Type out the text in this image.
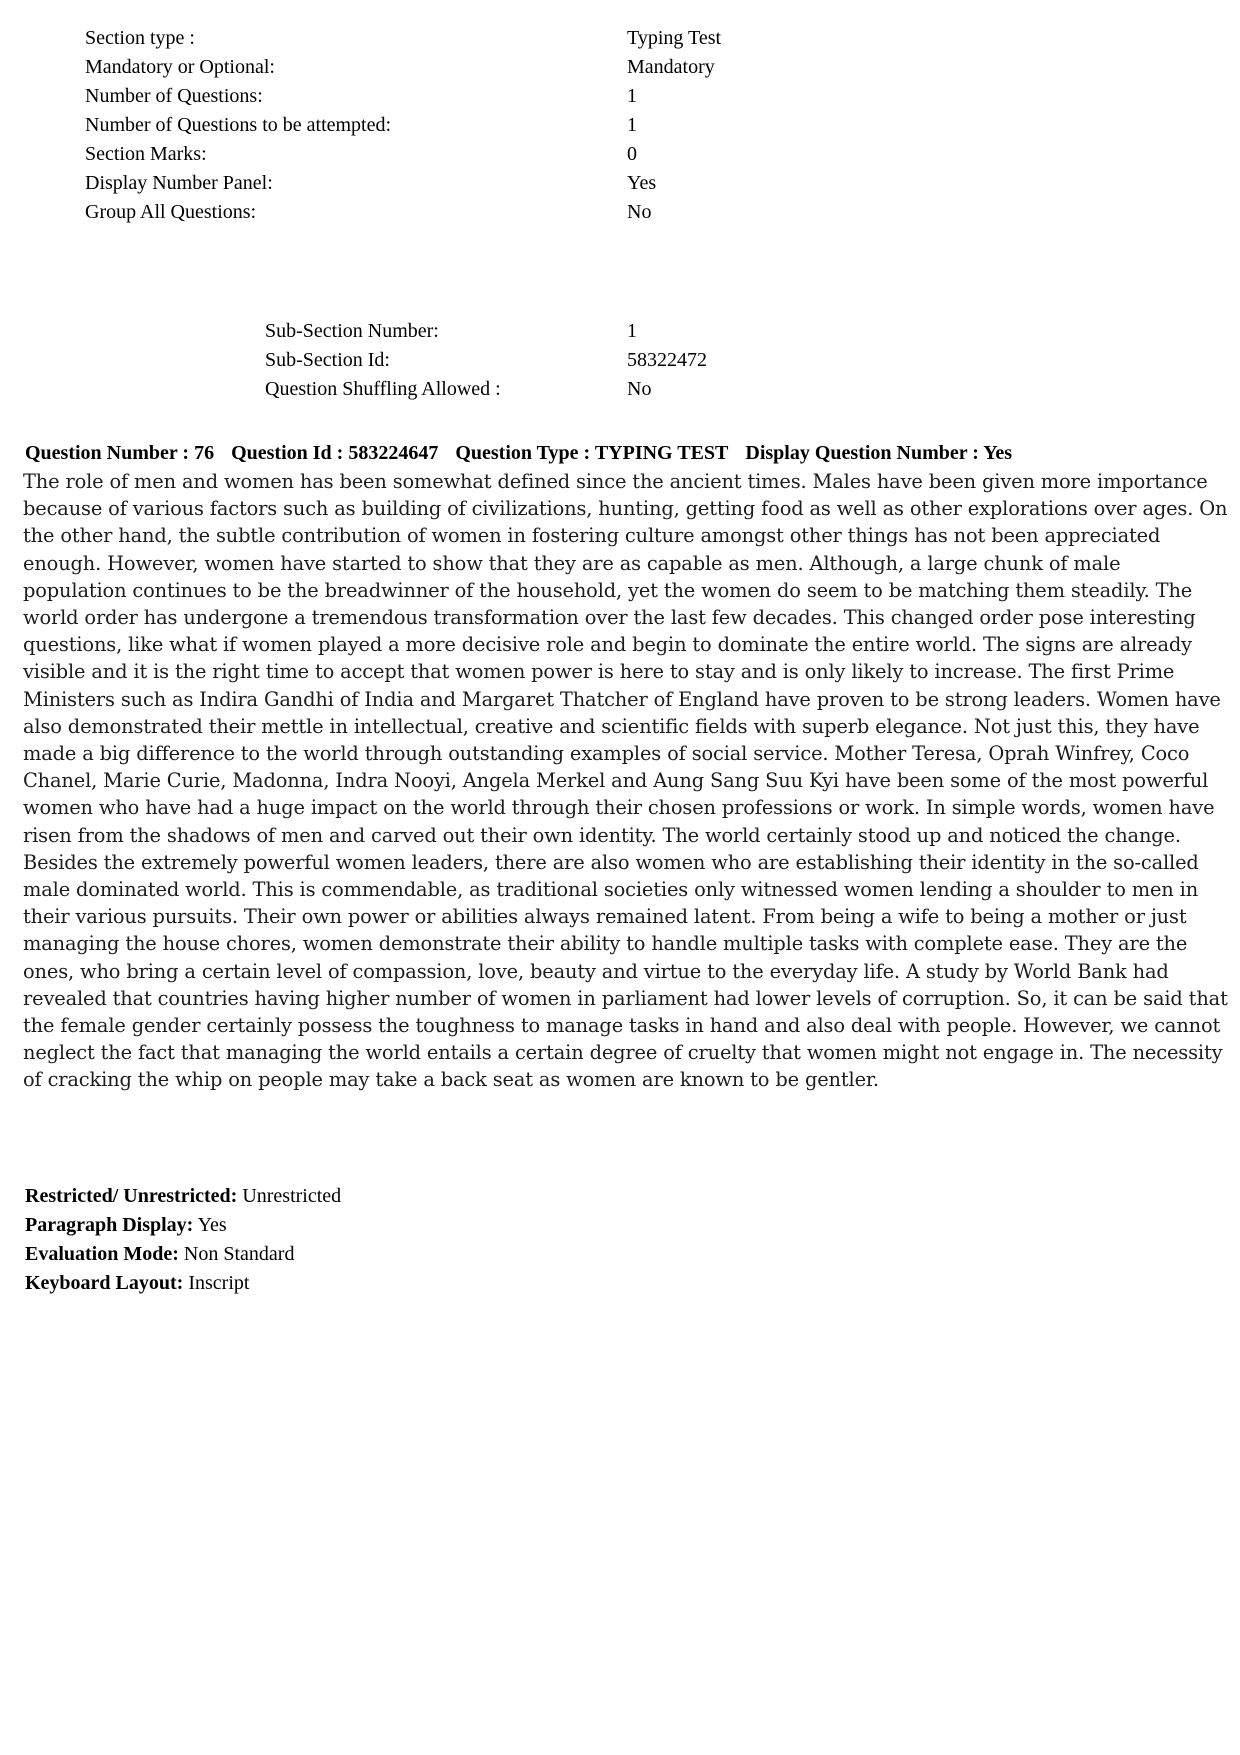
Section type :	Typing Test
Mandatory or Optional:	Mandatory
Number of Questions:	1
Number of Questions to be attempted:	1
Section Marks:	0
Display Number Panel:	Yes
Group All Questions:	No
Sub-Section Number:	1
Sub-Section Id:	58322472
Question Shuffling Allowed :	No
Question Number : 76 Question Id : 583224647 Question Type : TYPING TEST Display Question Number : Yes

The role of men and women has been somewhat defined since the ancient times. Males have been given more importance because of various factors such as building of civilizations, hunting, getting food as well as other explorations over ages. On the other hand, the subtle contribution of women in fostering culture amongst other things has not been appreciated enough. However, women have started to show that they are as capable as men. Although, a large chunk of male population continues to be the breadwinner of the household, yet the women do seem to be matching them steadily. The world order has undergone a tremendous transformation over the last few decades. This changed order pose interesting questions, like what if women played a more decisive role and begin to dominate the entire world. The signs are already visible and it is the right time to accept that women power is here to stay and is only likely to increase. The first Prime Ministers such as Indira Gandhi of India and Margaret Thatcher of England have proven to be strong leaders. Women have also demonstrated their mettle in intellectual, creative and scientific fields with superb elegance. Not just this, they have made a big difference to the world through outstanding examples of social service. Mother Teresa, Oprah Winfrey, Coco Chanel, Marie Curie, Madonna, Indra Nooyi, Angela Merkel and Aung Sang Suu Kyi have been some of the most powerful women who have had a huge impact on the world through their chosen professions or work. In simple words, women have risen from the shadows of men and carved out their own identity. The world certainly stood up and noticed the change. Besides the extremely powerful women leaders, there are also women who are establishing their identity in the so-called male dominated world. This is commendable, as traditional societies only witnessed women lending a shoulder to men in their various pursuits. Their own power or abilities always remained latent. From being a wife to being a mother or just managing the house chores, women demonstrate their ability to handle multiple tasks with complete ease. They are the ones, who bring a certain level of compassion, love, beauty and virtue to the everyday life. A study by World Bank had revealed that countries having higher number of women in parliament had lower levels of corruption. So, it can be said that the female gender certainly possess the toughness to manage tasks in hand and also deal with people. However, we cannot neglect the fact that managing the world entails a certain degree of cruelty that women might not engage in. The necessity of cracking the whip on people may take a back seat as women are known to be gentler.

Restricted/ Unrestricted: Unrestricted
Paragraph Display: Yes
Evaluation Mode: Non Standard
Keyboard Layout: Inscript
